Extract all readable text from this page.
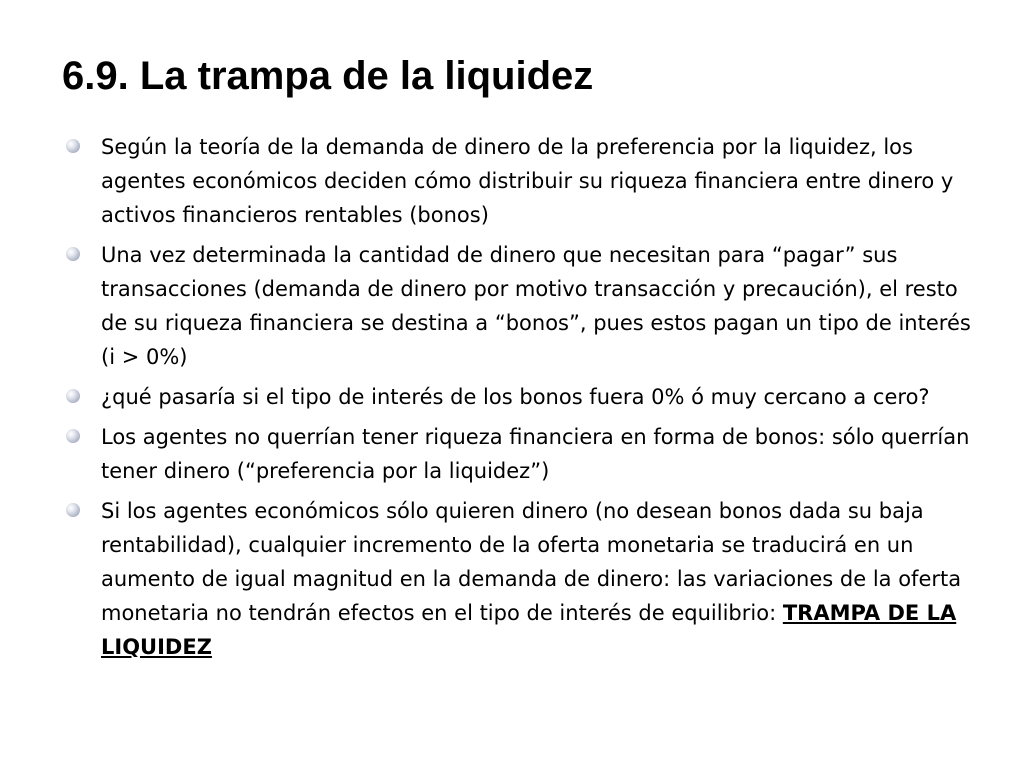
6.9. La trampa de la liquidez
Según la teoría de la demanda de dinero de la preferencia por la liquidez, los agentes económicos deciden cómo distribuir su riqueza financiera entre dinero y activos financieros rentables (bonos)
Una vez determinada la cantidad de dinero que necesitan para “pagar” sus transacciones (demanda de dinero por motivo transacción y precaución), el resto de su riqueza financiera se destina a “bonos”, pues estos pagan un tipo de interés (i > 0%)
¿qué pasaría si el tipo de interés de los bonos fuera 0% ó muy cercano a cero?
Los agentes no querrían tener riqueza financiera en forma de bonos: sólo querrían tener dinero (“preferencia por la liquidez”)
Si los agentes económicos sólo quieren dinero (no desean bonos dada su baja rentabilidad), cualquier incremento de la oferta monetaria se traducirá en un aumento de igual magnitud en la demanda de dinero: las variaciones de la oferta monetaria no tendrán efectos en el tipo de interés de equilibrio: TRAMPA DE LA LIQUIDEZ
